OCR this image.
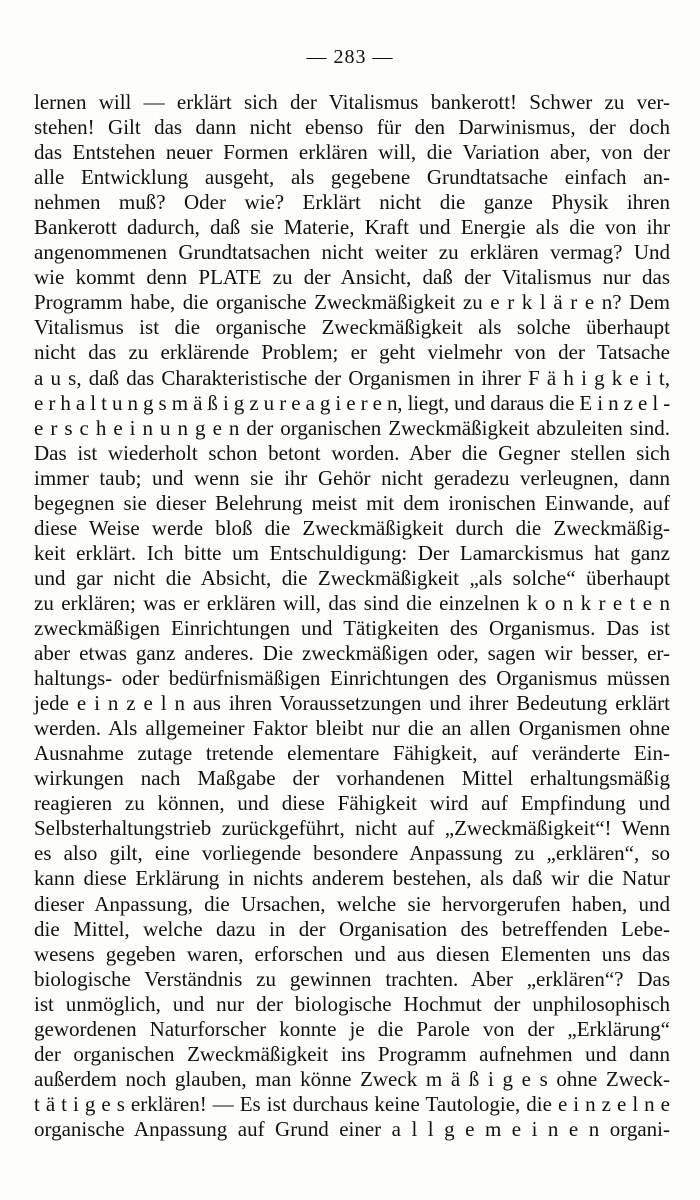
— 283 —
lernen will — erklärt sich der Vitalismus bankerott! Schwer zu ver-
stehen! Gilt das dann nicht ebenso für den Darwinismus, der doch
das Entstehen neuer Formen erklären will, die Variation aber, von der
alle Entwicklung ausgeht, als gegebene Grundtatsache einfach an-
nehmen muß? Oder wie? Erklärt nicht die ganze Physik ihren
Bankerott dadurch, daß sie Materie, Kraft und Energie als die von ihr
angenommenen Grundtatsachen nicht weiter zu erklären vermag? Und
wie kommt denn PLATE zu der Ansicht, daß der Vitalismus nur das
Programm habe, die organische Zweckmäßigkeit zu e r k l ä r e n? Dem
Vitalismus ist die organische Zweckmäßigkeit als solche überhaupt
nicht das zu erklärende Problem; er geht vielmehr von der Tatsache
a u s, daß das Charakteristische der Organismen in ihrer F ä h i g k e i t,
e r h a l t u n g s m ä ß i g z u r e a g i e r e n, liegt, und daraus die E i n z e l -
e r s c h e i n u n g e n der organischen Zweckmäßigkeit abzuleiten sind.
Das ist wiederholt schon betont worden. Aber die Gegner stellen sich
immer taub; und wenn sie ihr Gehör nicht geradezu verleugnen, dann
begegnen sie dieser Belehrung meist mit dem ironischen Einwande, auf
diese Weise werde bloß die Zweckmäßigkeit durch die Zweckmäßig-
keit erklärt. Ich bitte um Entschuldigung: Der Lamarckismus hat ganz
und gar nicht die Absicht, die Zweckmäßigkeit „als solche“ überhaupt
zu erklären; was er erklären will, das sind die einzelnen k o n k r e t e n
zweckmäßigen Einrichtungen und Tätigkeiten des Organismus. Das ist
aber etwas ganz anderes. Die zweckmäßigen oder, sagen wir besser, er-
haltungs- oder bedürfnismäßigen Einrichtungen des Organismus müssen
jede e i n z e l n aus ihren Voraussetzungen und ihrer Bedeutung erklärt
werden. Als allgemeiner Faktor bleibt nur die an allen Organismen ohne
Ausnahme zutage tretende elementare Fähigkeit, auf veränderte Ein-
wirkungen nach Maßgabe der vorhandenen Mittel erhaltungsmäßig
reagieren zu können, und diese Fähigkeit wird auf Empfindung und
Selbsterhaltungstrieb zurückgeführt, nicht auf „Zweckmäßigkeit“! Wenn
es also gilt, eine vorliegende besondere Anpassung zu „erklären“, so
kann diese Erklärung in nichts anderem bestehen, als daß wir die Natur
dieser Anpassung, die Ursachen, welche sie hervorgerufen haben, und
die Mittel, welche dazu in der Organisation des betreffenden Lebe-
wesens gegeben waren, erforschen und aus diesen Elementen uns das
biologische Verständnis zu gewinnen trachten. Aber „erklären“? Das
ist unmöglich, und nur der biologische Hochmut der unphilosophisch
gewordenen Naturforscher konnte je die Parole von der „Erklärung“
der organischen Zweckmäßigkeit ins Programm aufnehmen und dann
außerdem noch glauben, man könne Zweck m ä ß i g e s ohne Zweck-
t ä t i g e s erklären! — Es ist durchaus keine Tautologie, die e i n z e l n e
organische Anpassung auf Grund einer a l l g e m e i n e n organi-
